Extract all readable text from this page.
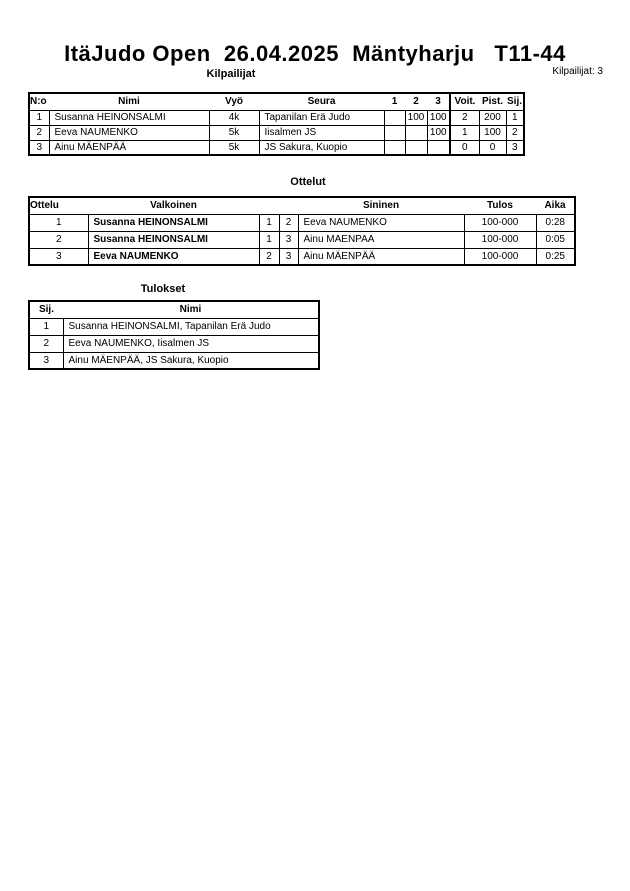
ItäJudo Open  26.04.2025  Mäntyharju   T11-44
Kilpailijat	Kilpailijat: 3
N:o	Nimi	Vyö	Seura	1	2	3	Voit.	Pist.	Sij.
1	Susanna HEINONSALMI	4k	Tapanilan Erä Judo		100	100	2	200	1
2	Eeva NAUMENKO	5k	Iisalmen JS			100	1	100	2
3	Ainu MÄENPÄÄ	5k	JS Sakura, Kuopio				0	0	3
Ottelut
Ottelu	Valkoinen			Sininen	Tulos	Aika
1	Susanna HEINONSALMI	1	2	Eeva NAUMENKO	100-000	0:28
2	Susanna HEINONSALMI	1	3	Ainu MAENPAA	100-000	0:05
3	Eeva NAUMENKO	2	3	Ainu MÄENPÄÄ	100-000	0:25
Tulokset
Sij.	Nimi
1	Susanna HEINONSALMI, Tapanilan Erä Judo
2	Eeva NAUMENKO, Iisalmen JS
3	Ainu MÄENPÄÄ, JS Sakura, Kuopio
